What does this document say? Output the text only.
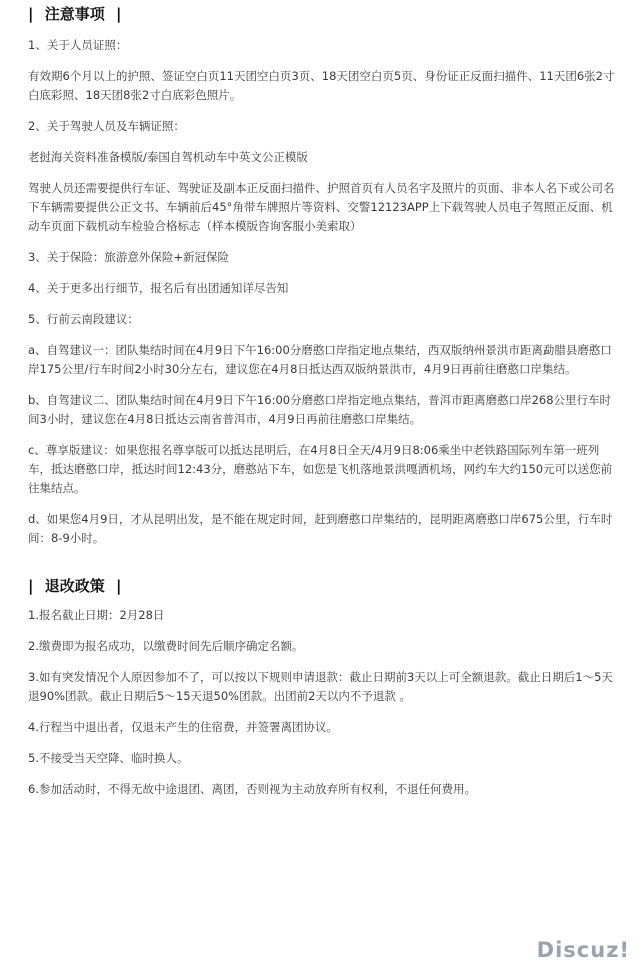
| 注意事项 |

1、关于人员证照：

有效期6个月以上的护照、签证空白页11天团空白页3页、18天团空白页5页、身份证正反面扫描件、11天团6张2寸白底彩照、18天团8张2寸白底彩色照片。

2、关于驾驶人员及车辆证照：

老挝海关资料准备模版/泰国自驾机动车中英文公正模版

驾驶人员还需要提供行车证、驾驶证及副本正反面扫描件、护照首页有人员名字及照片的页面、非本人名下或公司名下车辆需要提供公正文书、车辆前后45°角带车牌照片等资料、交警12123APP上下载驾驶人员电子驾照正反面、机动车页面下载机动车检验合格标志（样本模版咨询客服小美索取）

3、关于保险：旅游意外保险+新冠保险

4、关于更多出行细节，报名后有出团通知详尽告知

5、行前云南段建议：

a、自驾建议一：团队集结时间在4月9日下午16:00分磨憨口岸指定地点集结，西双版纳州景洪市距离勐腊县磨憨口岸175公里/行车时间2小时30分左右，建议您在4月8日抵达西双版纳景洪市，4月9日再前往磨憨口岸集结。

b、自驾建议二、团队集结时间在4月9日下午16:00分磨憨口岸指定地点集结，普洱市距离磨憨口岸268公里行车时间3小时，建议您在4月8日抵达云南省普洱市，4月9日再前往磨憨口岸集结。

c、尊享版建议：如果您报名尊享版可以抵达昆明后，在4月8日全天/4月9日8:06乘坐中老铁路国际列车第一班列车，抵达磨憨口岸，抵达时间12:43分，磨憨站下车，如您是飞机落地景洪嘎洒机场，网约车大约150元可以送您前往集结点。

d、如果您4月9日，才从昆明出发，是不能在规定时间，赶到磨憨口岸集结的，昆明距离磨憨口岸675公里，行车时间：8-9小时。

| 退改政策 |

1.报名截止日期：2月28日

2.缴费即为报名成功，以缴费时间先后顺序确定名额。

3.如有突发情况个人原因参加不了，可以按以下规则申请退款：截止日期前3天以上可全额退款。截止日期后1～5天退90%团款。截止日期后5～15天退50%团款。出团前2天以内不予退款 。

4.行程当中退出者，仅退未产生的住宿费，并签署离团协议。

5.不接受当天空降、临时换人。

6.参加活动时，不得无故中途退团、离团，否则视为主动放弃所有权利，不退任何费用。

Discuz!
